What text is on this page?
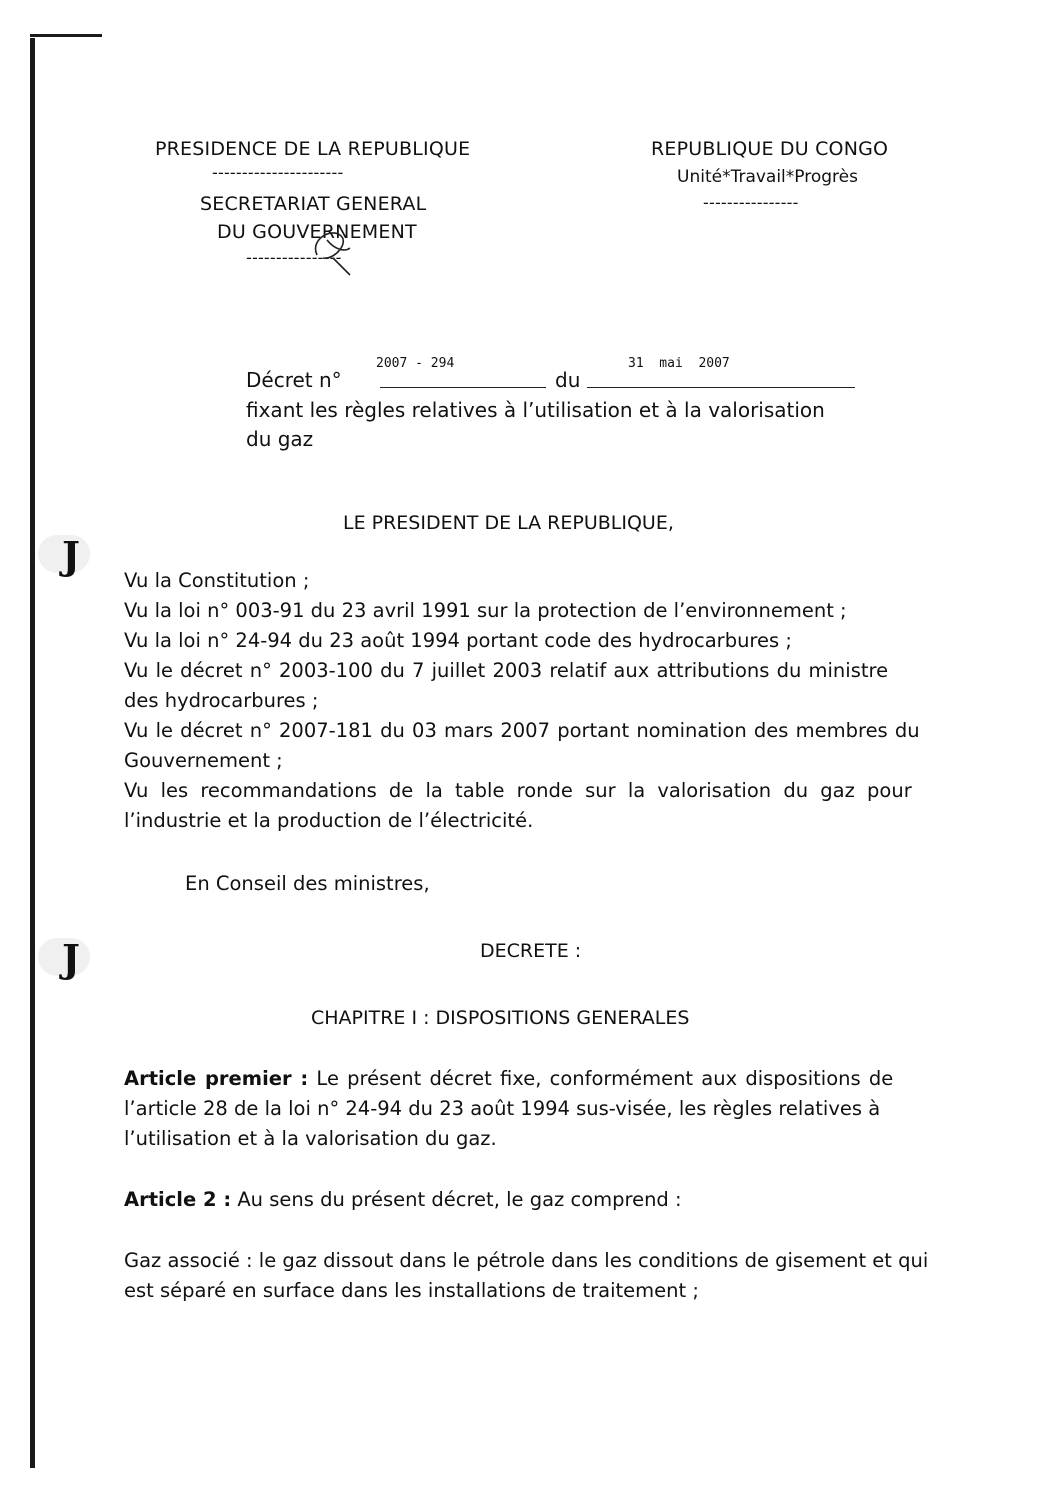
J
J
PRESIDENCE DE LA REPUBLIQUE
----------------------
SECRETARIAT GENERAL
DU GOUVERNEMENT
----------------
REPUBLIQUE DU CONGO
Unité*Travail*Progrès
----------------
Décret n°
2007 - 294
du
31  mai  2007
fixant les règles relatives à l’utilisation et à la valorisation
du gaz
LE PRESIDENT DE LA REPUBLIQUE,
Vu la Constitution ;
Vu la loi n° 003-91 du 23 avril 1991 sur la protection de l’environnement ;
Vu la loi n° 24-94 du 23 août 1994 portant code des hydrocarbures ;
Vu le décret n° 2003-100 du 7 juillet 2003 relatif aux attributions du ministre
des hydrocarbures ;
Vu le décret n° 2007-181 du 03 mars 2007 portant nomination des membres du
Gouvernement ;
Vu les recommandations de la table ronde sur la valorisation du gaz pour
l’industrie et la production de l’électricité.
En Conseil des ministres,
DECRETE :
CHAPITRE I : DISPOSITIONS GENERALES
Article premier : Le présent décret fixe, conformément aux dispositions de
l’article 28 de la loi n° 24-94 du 23 août 1994 sus-visée, les règles relatives à
l’utilisation et à la valorisation du gaz.
Article 2 : Au sens du présent décret, le gaz comprend :
Gaz associé : le gaz dissout dans le pétrole dans les conditions de gisement et qui
est séparé en surface dans les installations de traitement ;
